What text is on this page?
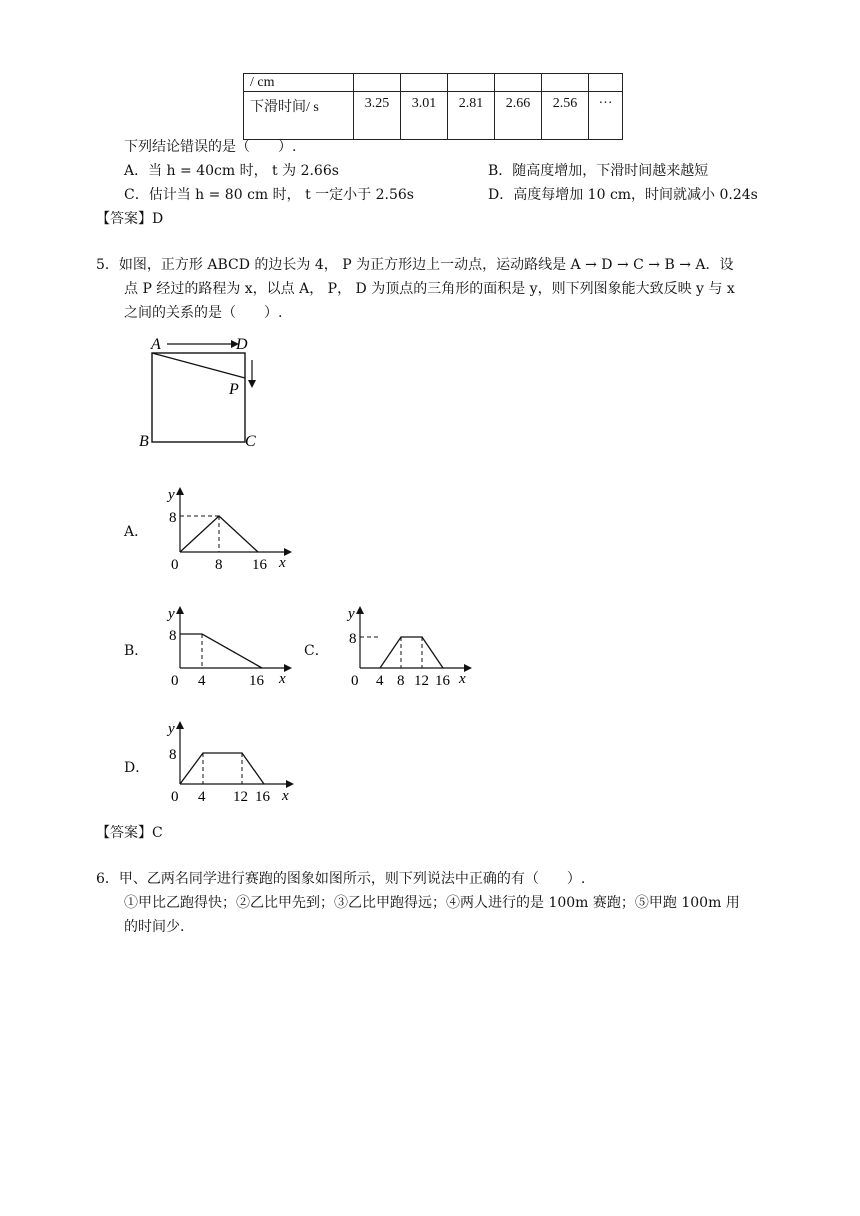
/ cm						
下滑时间/ s	3.25	3.01	2.81	2.66	2.56	···
下列结论错误的是（　　）.
A．当 h = 40cm 时， t 为 2.66s	B．随高度增加，下滑时间越来越短
C．估计当 h = 80 cm 时， t 一定小于 2.56s	D．高度每增加 10 cm，时间就减小 0.24s
【答案】D
5．如图，正方形 ABCD 的边长为 4， P 为正方形边上一动点，运动路线是 A → D → C → B → A．设
点 P 经过的路程为 x，以点 A， P， D 为顶点的三角形的面积是 y，则下列图象能大致反映 y 与 x
之间的关系的是（　　）.
A	D
P
B	C
A．
y
8
0 8 16 x
B．
y
8
0 4	16 x
C．
y
8
0 4 8 12 16 x
D．
y
8
0 4 12 16 x
【答案】C
6．甲、乙两名同学进行赛跑的图象如图所示，则下列说法中正确的有（　　）.
①甲比乙跑得快；②乙比甲先到；③乙比甲跑得远；④两人进行的是 100m 赛跑；⑤甲跑 100m 用
的时间少.
